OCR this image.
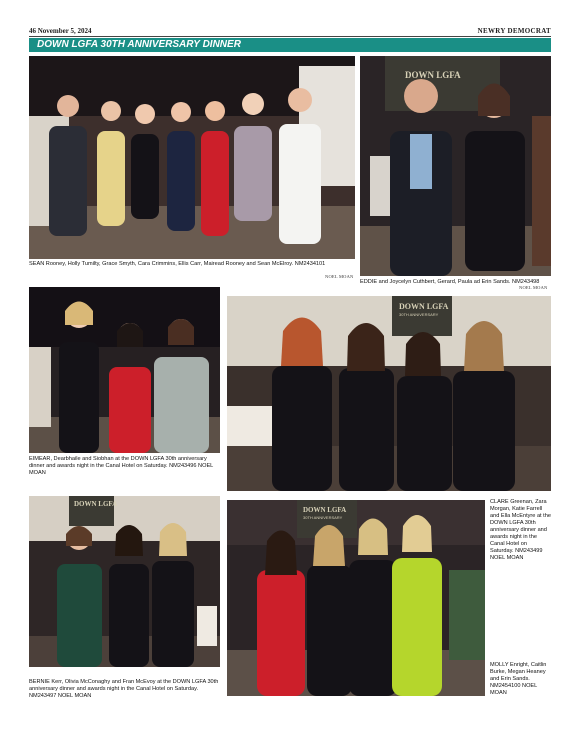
46 November 5, 2024	NEWRY DEMOCRAT
DOWN LGFA 30TH ANNIVERSARY DINNER
SEAN Rooney, Holly Tumilty, Grace Smyth, Cara Crimmins, Ellis Carr, Mairead Rooney and Sean McElroy. NM2434101
NOEL MOAN
DOWN LGFA
EDDIE and Joycelyn Cuthbert, Gerard, Paula ad Erin Sands. NM243498
NOEL MOAN
EIMEAR, Dearbhaile and Siobhan at the DOWN LGFA 30th anniversary dinner and awards night in the Canal Hotel on Saturday. NM243496 NOEL MOAN
DOWN LGFA
30TH ANNIVERSARY
DOWN LGFA
BERNIE Kerr, Olivia McConaghy and Fran McEvoy at the DOWN LGFA 30th anniversary dinner and awards night in the Canal Hotel on Saturday. NM243497 NOEL MOAN
DOWN LGFA
30TH ANNIVERSARY
CLARE Greenan, Zara Morgan, Katie Farrell and Ella McEntyre at the DOWN LGFA 30th anniversary dinner and awards night in the Canal Hotel on Saturday. NM243499 NOEL MOAN
MOLLY Enright, Caitlin Burke, Megan Heaney and Erin Sands. NM2454100 NOEL MOAN
